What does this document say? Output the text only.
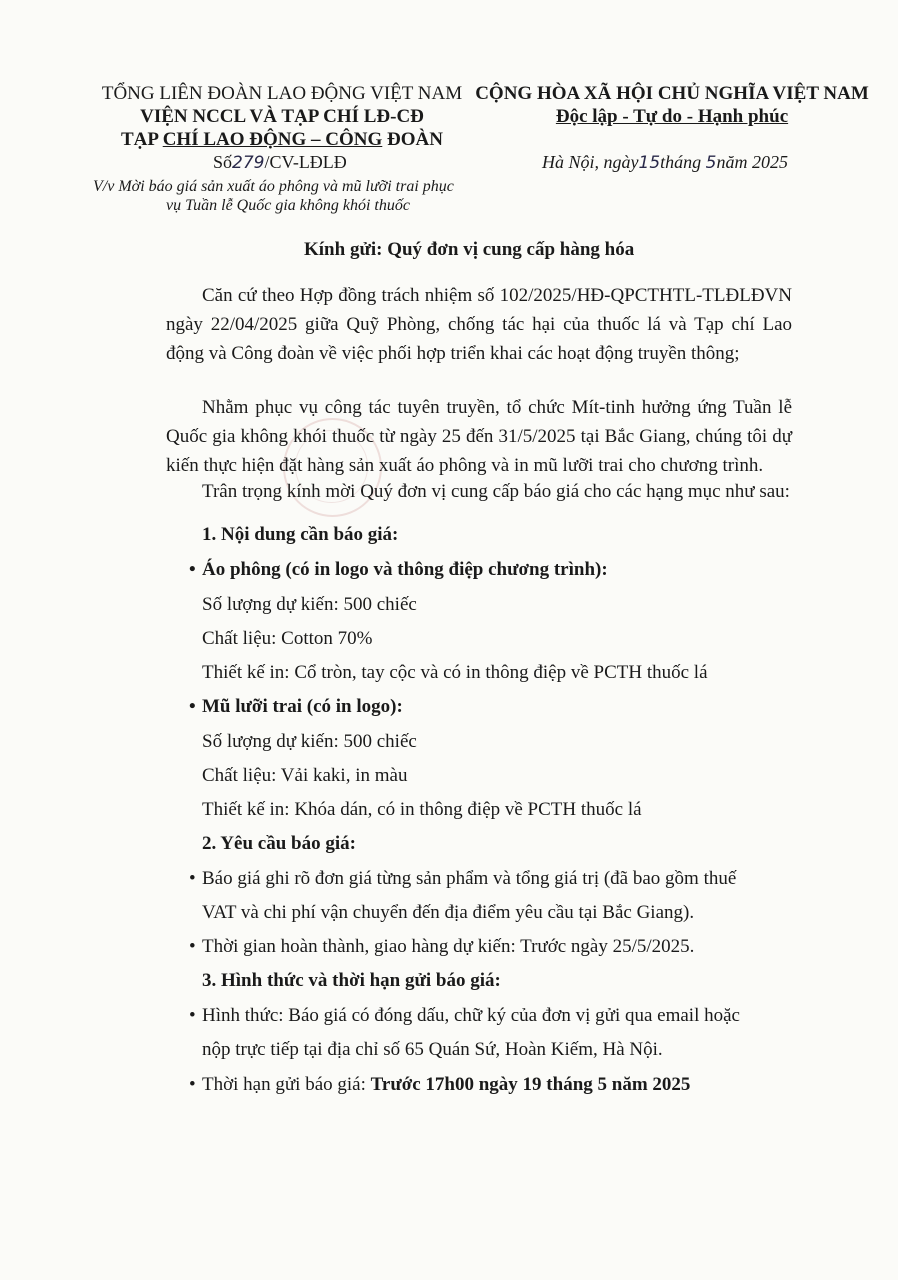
TỔNG LIÊN ĐOÀN LAO ĐỘNG VIỆT NAM
VIỆN NCCL VÀ TẠP CHÍ LĐ-CĐ
TẠP CHÍ LAO ĐỘNG – CÔNG ĐOÀN
Số279/CV-LĐLĐ
V/v Mời báo giá sản xuất áo phông và mũ lưỡi trai phục
vụ Tuần lễ Quốc gia không khói thuốc
CỘNG HÒA XÃ HỘI CHỦ NGHĨA VIỆT NAM
Độc lập - Tự do - Hạnh phúc
Hà Nội, ngày15tháng 5năm 2025
Kính gửi: Quý đơn vị cung cấp hàng hóa
Căn cứ theo Hợp đồng trách nhiệm số 102/2025/HĐ-QPCTHTL-TLĐLĐVN ngày 22/04/2025 giữa Quỹ Phòng, chống tác hại của thuốc lá và Tạp chí Lao động và Công đoàn về việc phối hợp triển khai các hoạt động truyền thông;
Nhằm phục vụ công tác tuyên truyền, tổ chức Mít-tinh hưởng ứng Tuần lễ Quốc gia không khói thuốc từ ngày 25 đến 31/5/2025 tại Bắc Giang, chúng tôi dự kiến thực hiện đặt hàng sản xuất áo phông và in mũ lưỡi trai cho chương trình.
Trân trọng kính mời Quý đơn vị cung cấp báo giá cho các hạng mục như sau:
1. Nội dung cần báo giá:
• Áo phông (có in logo và thông điệp chương trình):
Số lượng dự kiến: 500 chiếc
Chất liệu: Cotton 70%
Thiết kế in: Cổ tròn, tay cộc và có in thông điệp về PCTH thuốc lá
• Mũ lưỡi trai (có in logo):
Số lượng dự kiến: 500 chiếc
Chất liệu: Vải kaki, in màu
Thiết kế in: Khóa dán, có in thông điệp về PCTH thuốc lá
2. Yêu cầu báo giá:
• Báo giá ghi rõ đơn giá từng sản phẩm và tổng giá trị (đã bao gồm thuế
VAT và chi phí vận chuyển đến địa điểm yêu cầu tại Bắc Giang).
• Thời gian hoàn thành, giao hàng dự kiến: Trước ngày 25/5/2025.
3. Hình thức và thời hạn gửi báo giá:
• Hình thức: Báo giá có đóng dấu, chữ ký của đơn vị gửi qua email hoặc
nộp trực tiếp tại địa chỉ số 65 Quán Sứ, Hoàn Kiếm, Hà Nội.
• Thời hạn gửi báo giá: Trước 17h00 ngày 19 tháng 5 năm 2025
